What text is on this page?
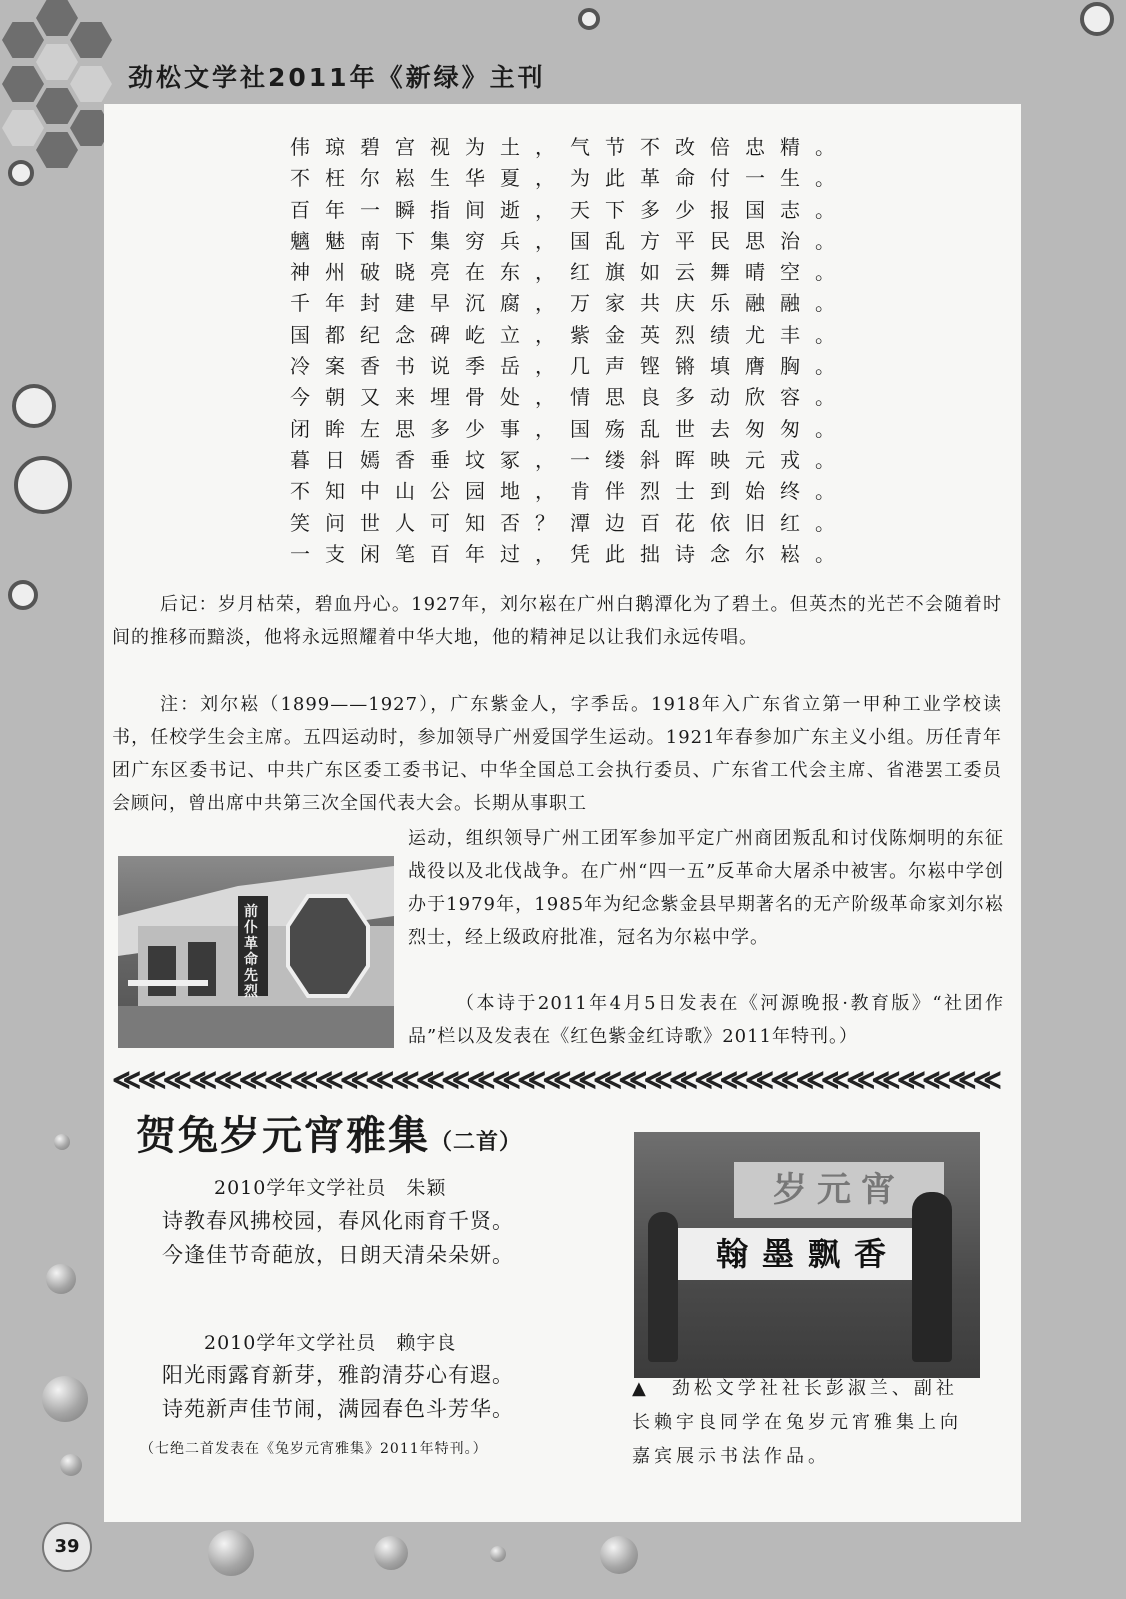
劲松文学社2011年《新绿》主刊
伟琼碧宫视为土，气节不改倍忠精。
不枉尔崧生华夏，为此革命付一生。
百年一瞬指间逝，天下多少报国志。
魑魅南下集穷兵，国乱方平民思治。
神州破晓亮在东，红旗如云舞晴空。
千年封建早沉腐，万家共庆乐融融。
国都纪念碑屹立，紫金英烈绩尤丰。
冷案香书说季岳，几声铿锵填膺胸。
今朝又来埋骨处，情思良多动欣容。
闭眸左思多少事，国殇乱世去匆匆。
暮日嫣香垂坟冢，一缕斜晖映元戎。
不知中山公园地，肯伴烈士到始终。
笑问世人可知否？潭边百花依旧红。
一支闲笔百年过，凭此拙诗念尔崧。
后记：岁月枯荣，碧血丹心。1927年，刘尔崧在广州白鹅潭化为了碧土。但英杰的光芒不会随着时间的推移而黯淡，他将永远照耀着中华大地，他的精神足以让我们永远传唱。
注：刘尔崧（1899——1927），广东紫金人，字季岳。1918年入广东省立第一甲种工业学校读书，任校学生会主席。五四运动时，参加领导广州爱国学生运动。1921年春参加广东主义小组。历任青年团广东区委书记、中共广东区委工委书记、中华全国总工会执行委员、广东省工代会主席、省港罢工委员会顾问，曾出席中共第三次全国代表大会。长期从事职工
前仆革命先烈
运动，组织领导广州工团军参加平定广州商团叛乱和讨伐陈炯明的东征战役以及北伐战争。在广州“四一五”反革命大屠杀中被害。尔崧中学创办于1979年，1985年为纪念紫金县早期著名的无产阶级革命家刘尔崧烈士，经上级政府批准，冠名为尔崧中学。
（本诗于2011年4月5日发表在《河源晚报·教育版》“社团作品”栏以及发表在《红色紫金红诗歌》2011年特刊。）
≪≪≪≪≪≪≪≪≪≪≪≪≪≪≪≪≪≪≪≪≪≪≪≪≪≪≪≪≪≪≪≪≪≪≪
贺兔岁元宵雅集（二首）
2010学年文学社员　朱颖
诗教春风拂校园，春风化雨育千贤。
今逢佳节奇葩放，日朗天清朵朵妍。
2010学年文学社员　赖宇良
阳光雨露育新芽，雅韵清芬心有遐。
诗苑新声佳节闹，满园春色斗芳华。
（七绝二首发表在《兔岁元宵雅集》2011年特刊。）
岁元宵
翰墨飘香
▲　劲松文学社社长彭淑兰、副社长赖宇良同学在兔岁元宵雅集上向嘉宾展示书法作品。
39
